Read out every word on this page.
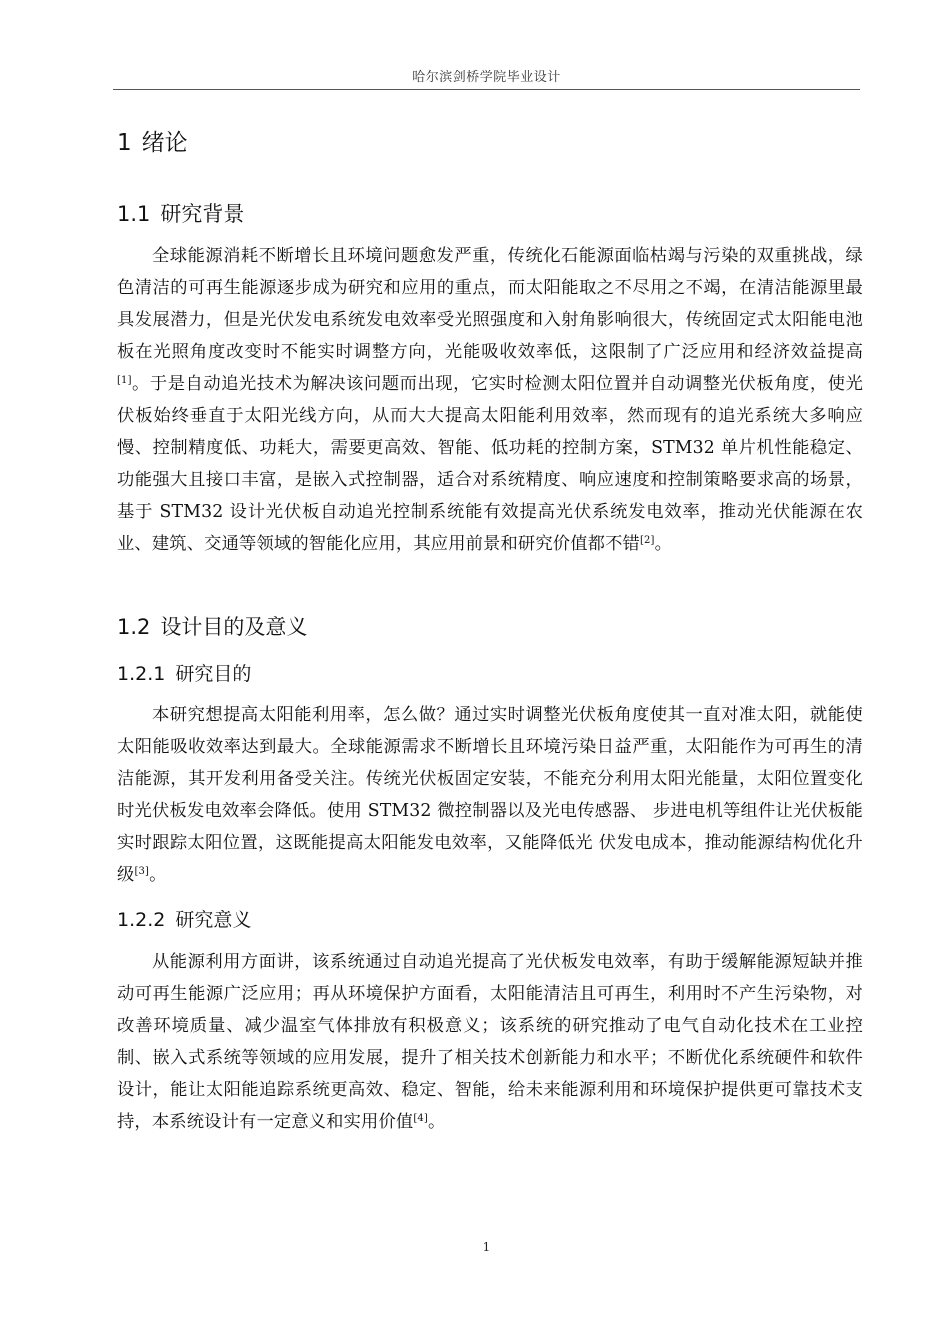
哈尔滨剑桥学院毕业设计
1 绪论
1.1 研究背景

全球能源消耗不断增长且环境问题愈发严重，传统化石能源面临枯竭与污染的双重挑战，绿色清洁的可再生能源逐步成为研究和应用的重点，而太阳能取之不尽用之不竭，在清洁能源里最具发展潜力，但是光伏发电系统发电效率受光照强度和入射角影响很大，传统固定式太阳能电池板在光照角度改变时不能实时调整方向，光能吸收效率低，这限制了广泛应用和经济效益提高[1]。于是自动追光技术为解决该问题而出现，它实时检测太阳位置并自动调整光伏板角度，使光伏板始终垂直于太阳光线方向，从而大大提高太阳能利用效率，然而现有的追光系统大多响应慢、控制精度低、功耗大，需要更高效、智能、低功耗的控制方案，STM32 单片机性能稳定、功能强大且接口丰富，是嵌入式控制器，适合对系统精度、响应速度和控制策略要求高的场景，基于 STM32 设计光伏板自动追光控制系统能有效提高光伏系统发电效率，推动光伏能源在农业、建筑、交通等领域的智能化应用，其应用前景和研究价值都不错[2]。

1.2 设计目的及意义
1.2.1 研究目的

本研究想提高太阳能利用率，怎么做？通过实时调整光伏板角度使其一直对准太阳，就能使太阳能吸收效率达到最大。全球能源需求不断增长且环境污染日益严重，太阳能作为可再生的清洁能源，其开发利用备受关注。传统光伏板固定安装，不能充分利用太阳光能量，太阳位置变化时光伏板发电效率会降低。使用 STM32 微控制器以及光电传感器、 步进电机等组件让光伏板能实时跟踪太阳位置，这既能提高太阳能发电效率，又能降低光 伏发电成本，推动能源结构优化升级[3]。

1.2.2 研究意义

从能源利用方面讲，该系统通过自动追光提高了光伏板发电效率，有助于缓解能源短缺并推动可再生能源广泛应用；再从环境保护方面看，太阳能清洁且可再生，利用时不产生污染物，对改善环境质量、减少温室气体排放有积极意义；该系统的研究推动了电气自动化技术在工业控制、嵌入式系统等领域的应用发展，提升了相关技术创新能力和水平；不断优化系统硬件和软件设计，能让太阳能追踪系统更高效、稳定、智能，给未来能源利用和环境保护提供更可靠技术支持，本系统设计有一定意义和实用价值[4]。

1
